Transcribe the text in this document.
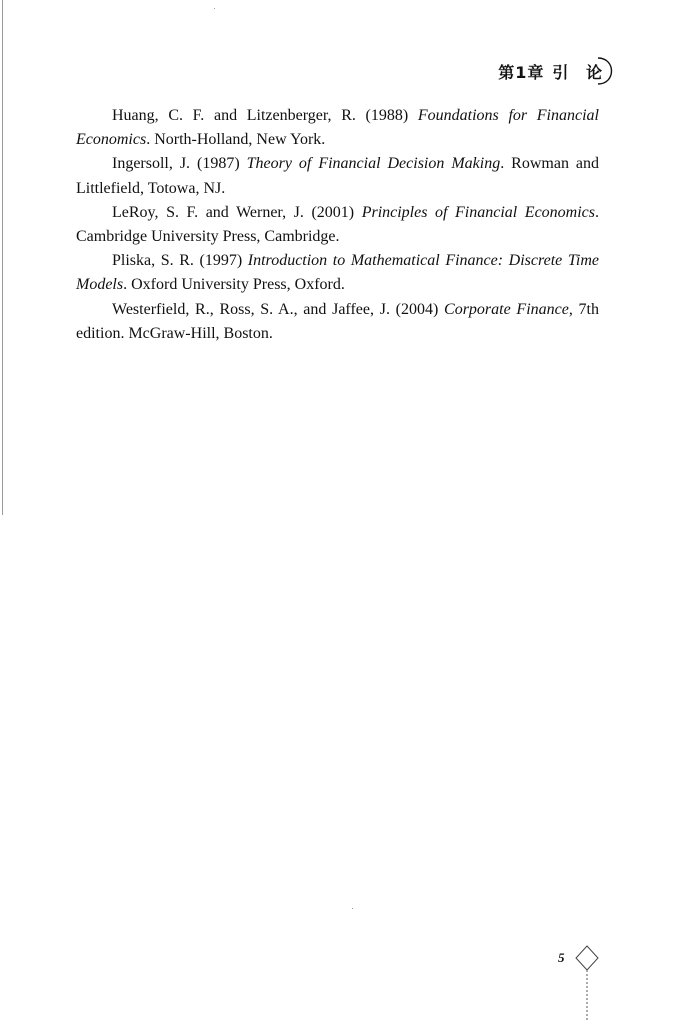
第1章 引 论

Huang, C. F. and Litzenberger, R. (1988) Foundations for Financial Economics. North-Holland, New York.

Ingersoll, J. (1987) Theory of Financial Decision Making. Rowman and Littlefield, Totowa, NJ.

LeRoy, S. F. and Werner, J. (2001) Principles of Financial Economics. Cambridge University Press, Cambridge.

Pliska, S. R. (1997) Introduction to Mathematical Finance: Discrete Time Models. Oxford University Press, Oxford.

Westerfield, R., Ross, S. A., and Jaffee, J. (2004) Corporate Finance, 7th edition. McGraw-Hill, Boston.

5
